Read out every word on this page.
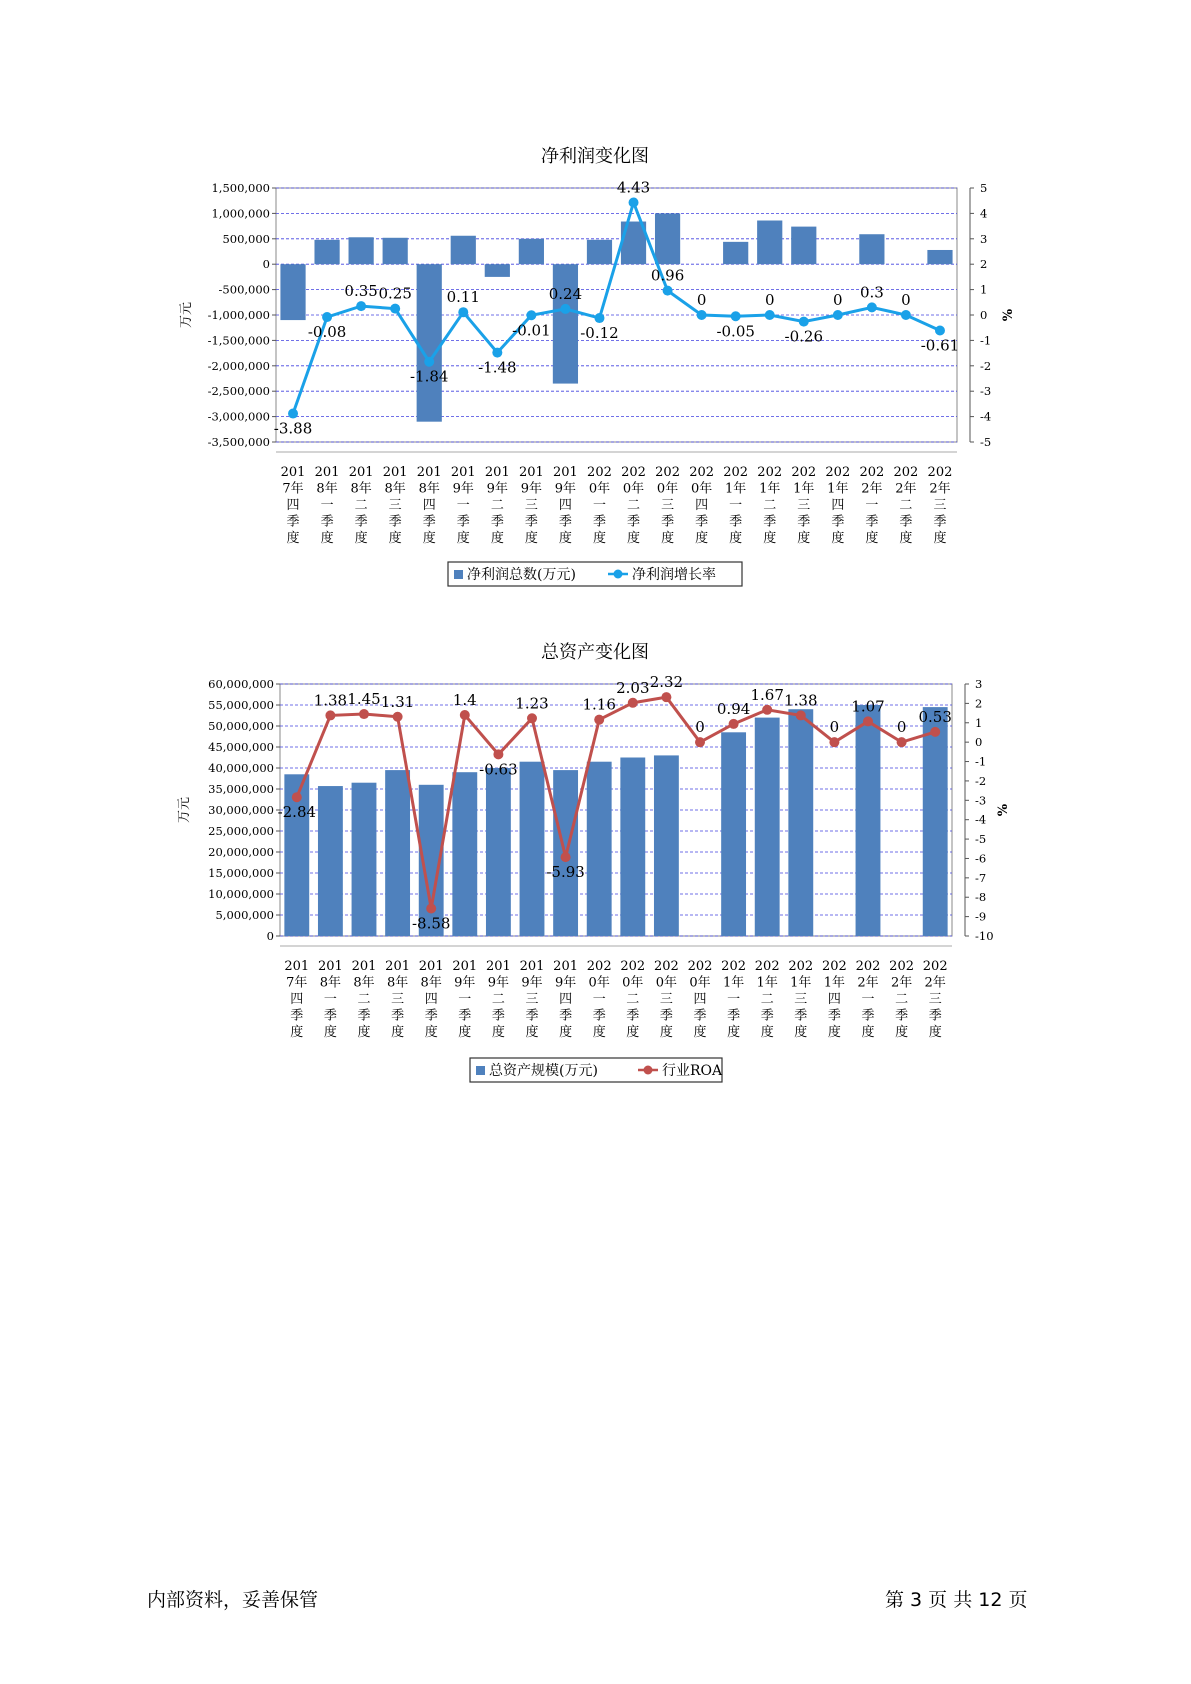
净利润变化图
1,500,000
1,000,000
500,000
0
-500,000
-1,000,000
-1,500,000
-2,000,000
-2,500,000
-3,000,000
-3,500,000
5
4
3
2
1
0
-1
-2
-3
-4
-5
万元	%
-3.88
-0.08
0.35 0.25
-1.84
0.11
-1.48
-0.01
0.24
-0.12
4.43
0.96
0
-0.05
0
-0.26
0 0.3 0
-0.61
201 7年四季度
201 8年一季度
201 8年二季度
201 8年三季度
201 8年四季度
201 9年一季度
201 9年二季度
201 9年三季度
201 9年四季度
202 0年一季度
202 0年二季度
202 0年三季度
202 0年四季度
202 1年一季度
202 1年二季度
202 1年三季度
202 1年四季度
202 2年一季度
202 2年二季度
202 2年三季度
净利润总数(万元)	净利润增长率
总资产变化图
60,000,000
55,000,000
50,000,000
45,000,000
40,000,000
35,000,000
30,000,000
25,000,000
20,000,000
15,000,000
10,000,000
5,000,000
0
3
2
1
0
-1
-2
-3
-4
-5
-6
-7
-8
-9
-10
万元	%
-2.84
1.38 1.45 1.31
-8.58
1.4
-0.63
1.23
-5.93
1.16
2.03 2.32
0
0.94
1.67 1.38
0
1.07
0
0.53
201 7年四季度
201 8年一季度
201 8年二季度
201 8年三季度
201 8年四季度
201 9年一季度
201 9年二季度
201 9年三季度
201 9年四季度
202 0年一季度
202 0年二季度
202 0年三季度
202 0年四季度
202 1年一季度
202 1年二季度
202 1年三季度
202 1年四季度
202 2年一季度
202 2年二季度
202 2年三季度
总资产规模(万元)	行业ROA
内部资料，妥善保管	第 3 页 共 12 页
